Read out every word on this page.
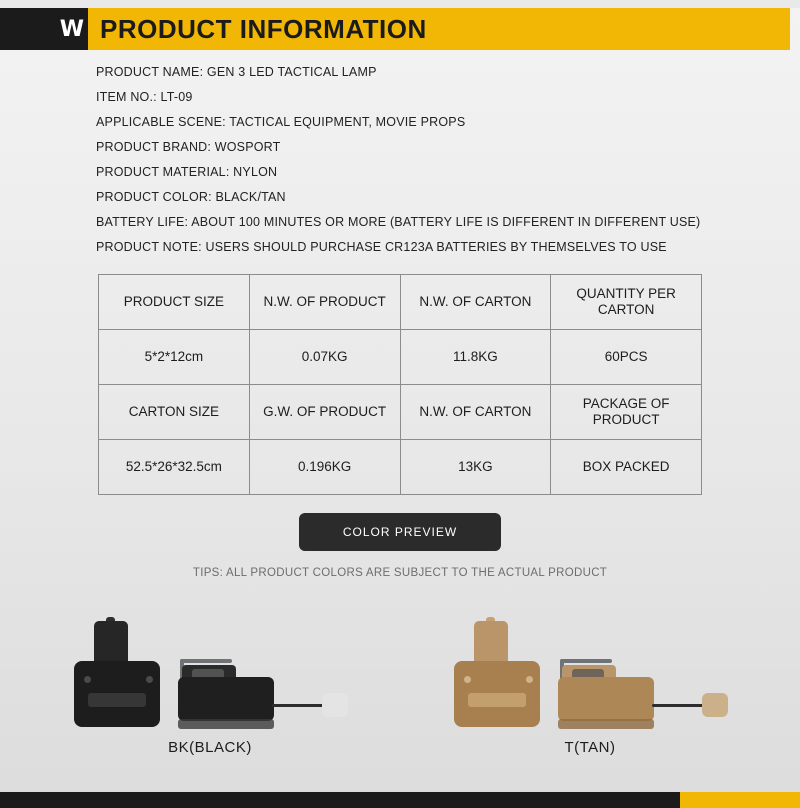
W PRODUCT INFORMATION
PRODUCT NAME: GEN 3 LED TACTICAL LAMP
ITEM NO.: LT-09
APPLICABLE SCENE: TACTICAL EQUIPMENT, MOVIE PROPS
PRODUCT BRAND: WOSPORT
PRODUCT MATERIAL: NYLON
PRODUCT COLOR: BLACK/TAN
BATTERY LIFE: ABOUT 100 MINUTES OR MORE (BATTERY LIFE IS DIFFERENT IN DIFFERENT USE)
PRODUCT NOTE: USERS SHOULD PURCHASE CR123A BATTERIES BY THEMSELVES TO USE
PRODUCT SIZE	N.W. OF PRODUCT	N.W. OF CARTON	QUANTITY PER CARTON
5*2*12cm	0.07KG	11.8KG	60PCS
CARTON SIZE	G.W. OF PRODUCT	N.W. OF CARTON	PACKAGE OF PRODUCT
52.5*26*32.5cm	0.196KG	13KG	BOX PACKED
COLOR PREVIEW
TIPS: ALL PRODUCT COLORS ARE SUBJECT TO THE ACTUAL PRODUCT
BK(BLACK)	T(TAN)
